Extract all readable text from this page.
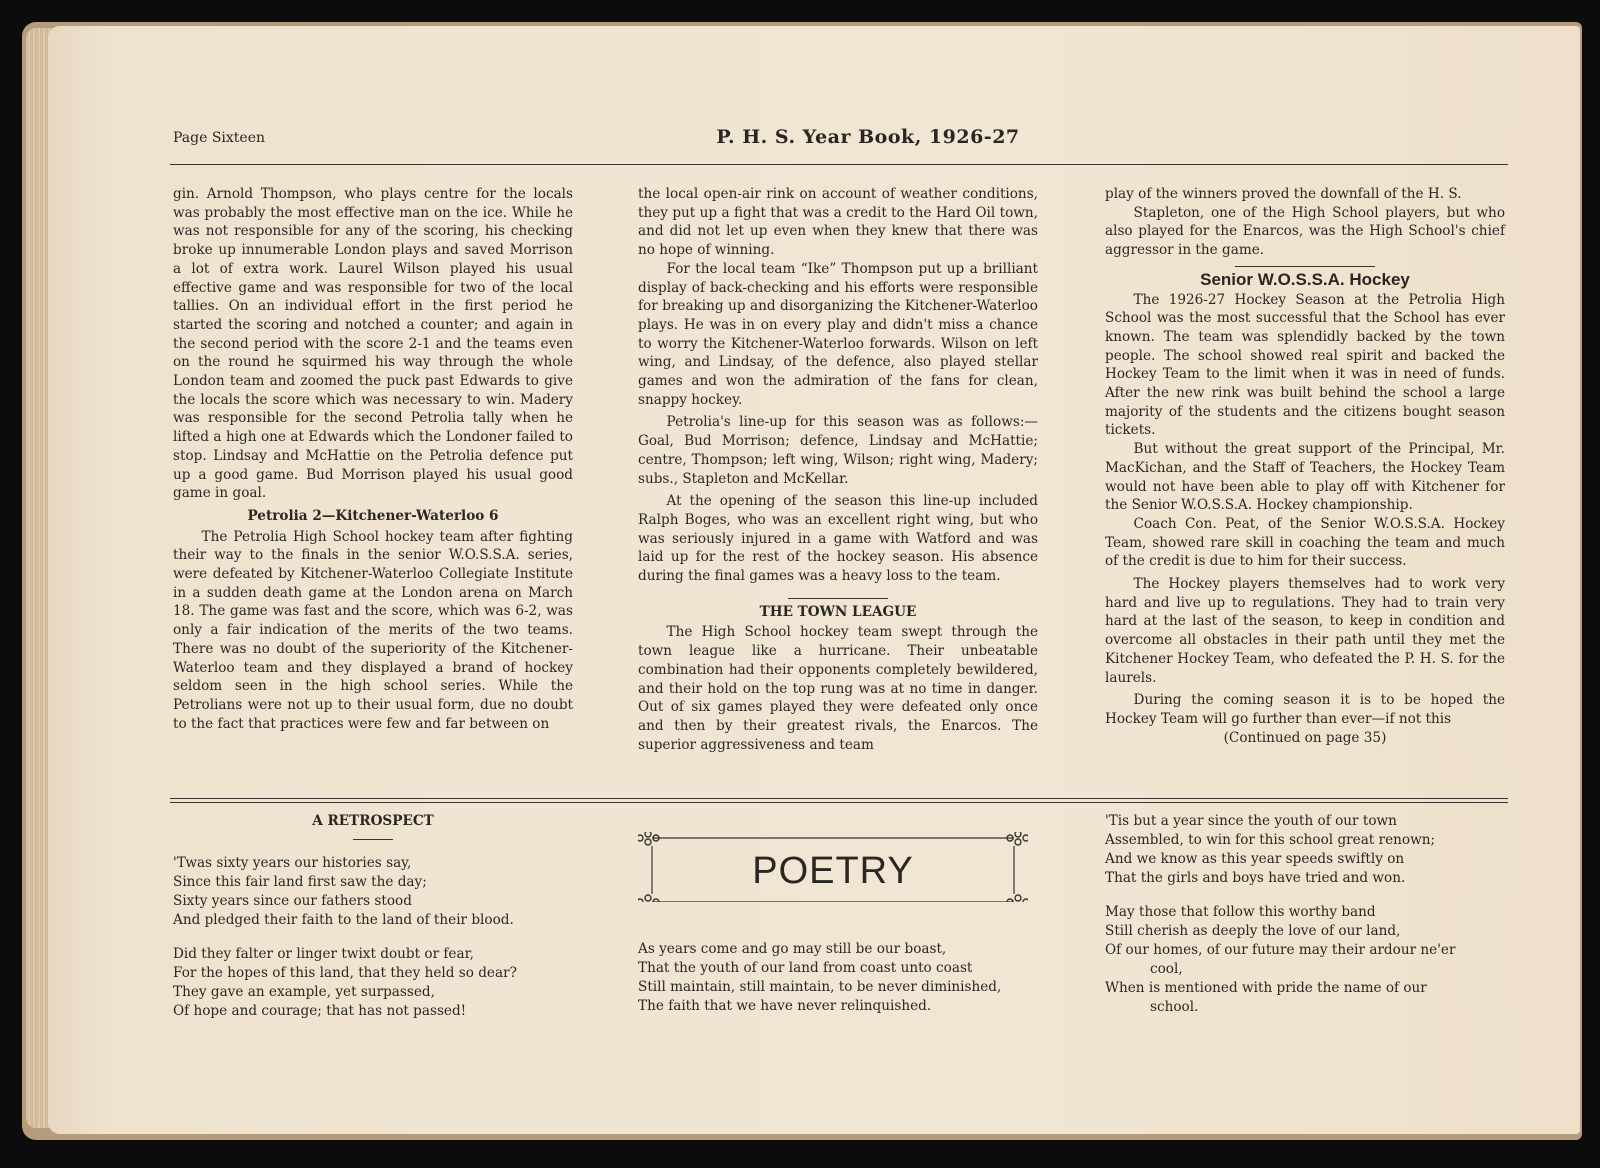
Page Sixteen	P. H. S. Year Book, 1926-27

gin. Arnold Thompson, who plays centre for the locals was probably the most effective man on the ice. While he was not responsible for any of the scoring, his checking broke up innumerable London plays and saved Morrison a lot of extra work. Laurel Wilson played his usual effective game and was responsible for two of the local tallies. On an individual effort in the first period he started the scoring and notched a counter; and again in the second period with the score 2-1 and the teams even on the round he squirmed his way through the whole London team and zoomed the puck past Edwards to give the locals the score which was necessary to win. Madery was responsible for the second Petrolia tally when he lifted a high one at Edwards which the Londoner failed to stop. Lindsay and McHattie on the Petrolia defence put up a good game. Bud Morrison played his usual good game in goal.

Petrolia 2—Kitchener-Waterloo 6

The Petrolia High School hockey team after fighting their way to the finals in the senior W.O.S.S.A. series, were defeated by Kitchener-Waterloo Collegiate Institute in a sudden death game at the London arena on March 18. The game was fast and the score, which was 6-2, was only a fair indication of the merits of the two teams. There was no doubt of the superiority of the Kitchener-Waterloo team and they displayed a brand of hockey seldom seen in the high school series. While the Petrolians were not up to their usual form, due no doubt to the fact that practices were few and far between on

the local open-air rink on account of weather conditions, they put up a fight that was a credit to the Hard Oil town, and did not let up even when they knew that there was no hope of winning.

For the local team “Ike” Thompson put up a brilliant display of back-checking and his efforts were responsible for breaking up and disorganizing the Kitchener-Waterloo plays. He was in on every play and didn't miss a chance to worry the Kitchener-Waterloo forwards. Wilson on left wing, and Lindsay, of the defence, also played stellar games and won the admiration of the fans for clean, snappy hockey.

Petrolia's line-up for this season was as follows:—Goal, Bud Morrison; defence, Lindsay and McHattie; centre, Thompson; left wing, Wilson; right wing, Madery; subs., Stapleton and McKellar.

At the opening of the season this line-up included Ralph Boges, who was an excellent right wing, but who was seriously injured in a game with Watford and was laid up for the rest of the hockey season. His absence during the final games was a heavy loss to the team.

THE TOWN LEAGUE

The High School hockey team swept through the town league like a hurricane. Their unbeatable combination had their opponents completely bewildered, and their hold on the top rung was at no time in danger. Out of six games played they were defeated only once and then by their greatest rivals, the Enarcos. The superior aggressiveness and team

play of the winners proved the downfall of the H. S.

Stapleton, one of the High School players, but who also played for the Enarcos, was the High School's chief aggressor in the game.

Senior W.O.S.S.A. Hockey

The 1926-27 Hockey Season at the Petrolia High School was the most successful that the School has ever known. The team was splendidly backed by the town people. The school showed real spirit and backed the Hockey Team to the limit when it was in need of funds. After the new rink was built behind the school a large majority of the students and the citizens bought season tickets.

But without the great support of the Principal, Mr. MacKichan, and the Staff of Teachers, the Hockey Team would not have been able to play off with Kitchener for the Senior W.O.S.S.A. Hockey championship.

Coach Con. Peat, of the Senior W.O.S.S.A. Hockey Team, showed rare skill in coaching the team and much of the credit is due to him for their success.

The Hockey players themselves had to work very hard and live up to regulations. They had to train very hard at the last of the season, to keep in condition and overcome all obstacles in their path until they met the Kitchener Hockey Team, who defeated the P. H. S. for the laurels.

During the coming season it is to be hoped the Hockey Team will go further than ever—if not this

(Continued on page 35)
A RETROSPECT
'Twas sixty years our histories say,
Since this fair land first saw the day;
Sixty years since our fathers stood
And pledged their faith to the land of their blood.
Did they falter or linger twixt doubt or fear,
For the hopes of this land, that they held so dear?
They gave an example, yet surpassed,
Of hope and courage; that has not passed!
POETRY
As years come and go may still be our boast,
That the youth of our land from coast unto coast
Still maintain, still maintain, to be never diminished,
The faith that we have never relinquished.
'Tis but a year since the youth of our town
Assembled, to win for this school great renown;
And we know as this year speeds swiftly on
That the girls and boys have tried and won.
May those that follow this worthy band
Still cherish as deeply the love of our land,
Of our homes, of our future may their ardour ne'er
cool,
When is mentioned with pride the name of our
school.
